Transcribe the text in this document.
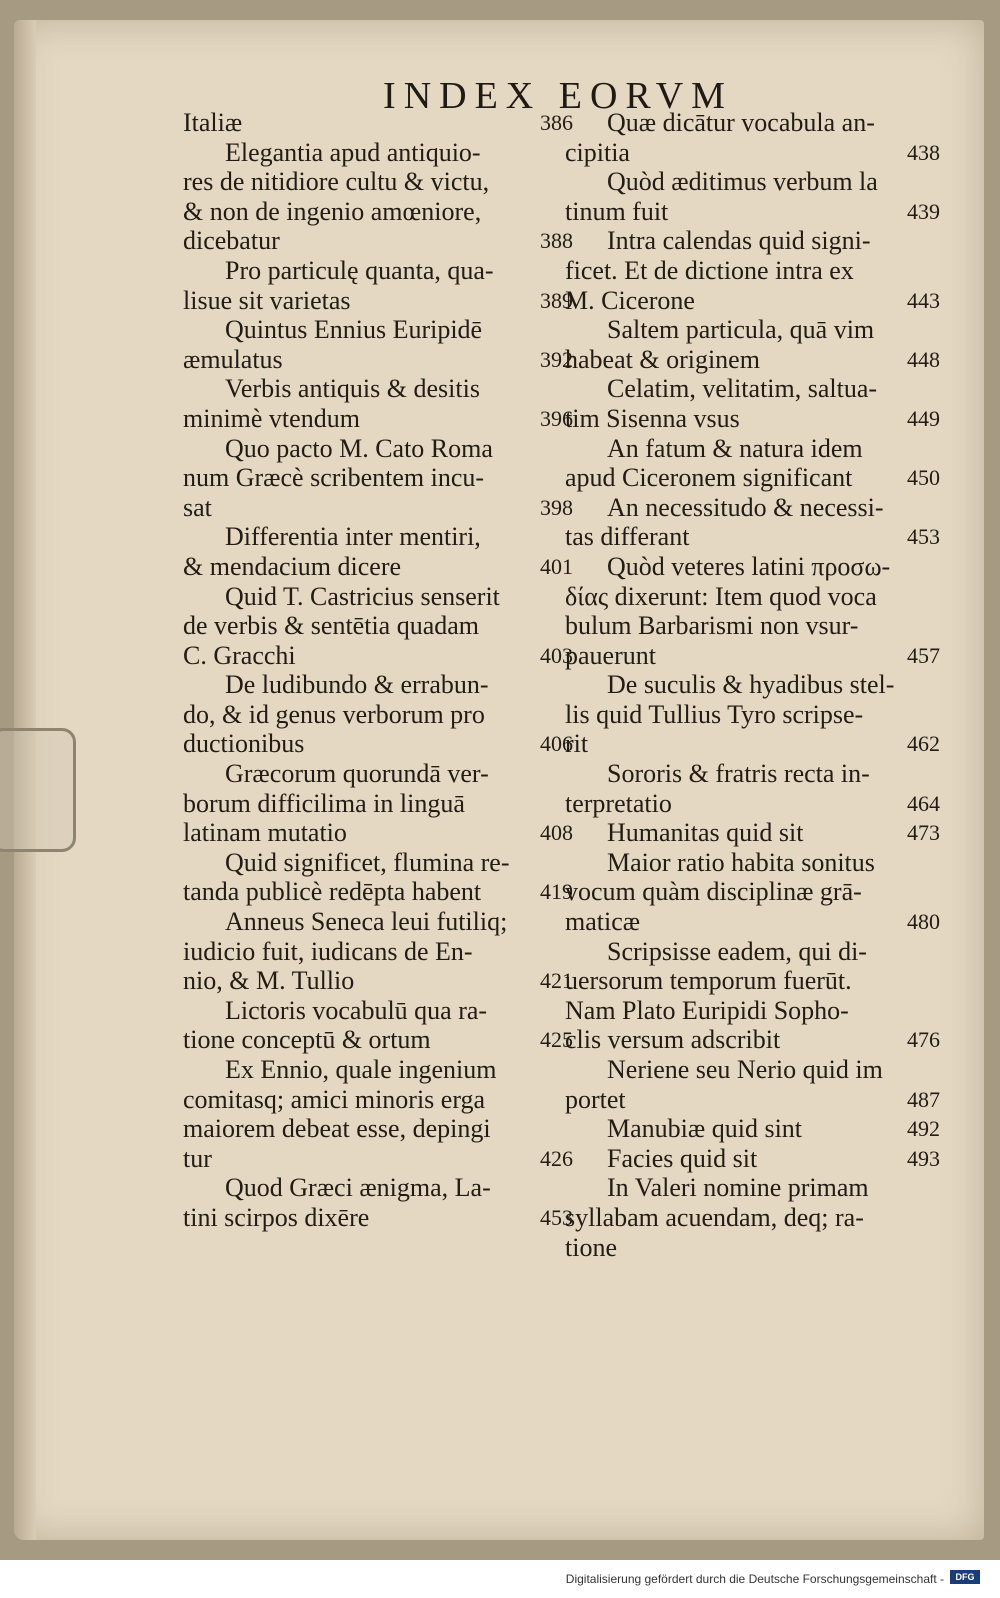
INDEX EORVM
Italiæ	386
Elegantia apud antiquio-
res de nitidiore cultu & victu,
& non de ingenio amœniore,
dicebatur	388
Pro particulę quanta, qua-
lisue sit varietas	389
Quintus Ennius Euripidē
æmulatus	392
Verbis antiquis & desitis
minimè vtendum	396
Quo pacto M. Cato Roma
num Græcè scribentem incu-
sat	398
Differentia inter mentiri,
& mendacium dicere	401
Quid T. Castricius senserit
de verbis & sentētia quadam
C. Gracchi	403
De ludibundo & errabun-
do, & id genus verborum pro
ductionibus	406
Græcorum quorundā ver-
borum difficilima in linguā
latinam mutatio	408
Quid significet, flumina re-
tanda publicè redēpta habent	419
Anneus Seneca leui futiliq;
iudicio fuit, iudicans de En-
nio, & M. Tullio	421
Lictoris vocabulū qua ra-
tione conceptū & ortum	425
Ex Ennio, quale ingenium
comitasq; amici minoris erga
maiorem debeat esse, depingi
tur	426
Quod Græci ænigma, La-
tini scirpos dixēre	453
Quæ dicātur vocabula an-
cipitia	438
Quòd æditimus verbum la
tinum fuit	439
Intra calendas quid signi-
ficet. Et de dictione intra ex
M. Cicerone	443
Saltem particula, quā vim
habeat & originem	448
Celatim, velitatim, saltua-
tim Sisenna vsus	449
An fatum & natura idem
apud Ciceronem significant 450
An necessitudo & necessi-
tas differant	453
Quòd veteres latini προσω-
δίας dixerunt: Item quod voca
bulum Barbarismi non vsur-
pauerunt	457
De suculis & hyadibus stel-
lis quid Tullius Tyro scripse-
rit	462
Sororis & fratris recta in-
terpretatio	464
Humanitas quid sit	473
Maior ratio habita sonitus
vocum quàm disciplinæ grā-
maticæ	480
Scripsisse eadem, qui di-
uersorum temporum fuerūt.
Nam Plato Euripidi Sopho-
clis versum adscribit	476
Neriene seu Nerio quid im
portet	487
Manubiæ quid sint	492
Facies quid sit	493
In Valeri nomine primam
syllabam acuendam, deq; ra-
tione
Digitalisierung gefördert durch die Deutsche Forschungsgemeinschaft -	DFG
